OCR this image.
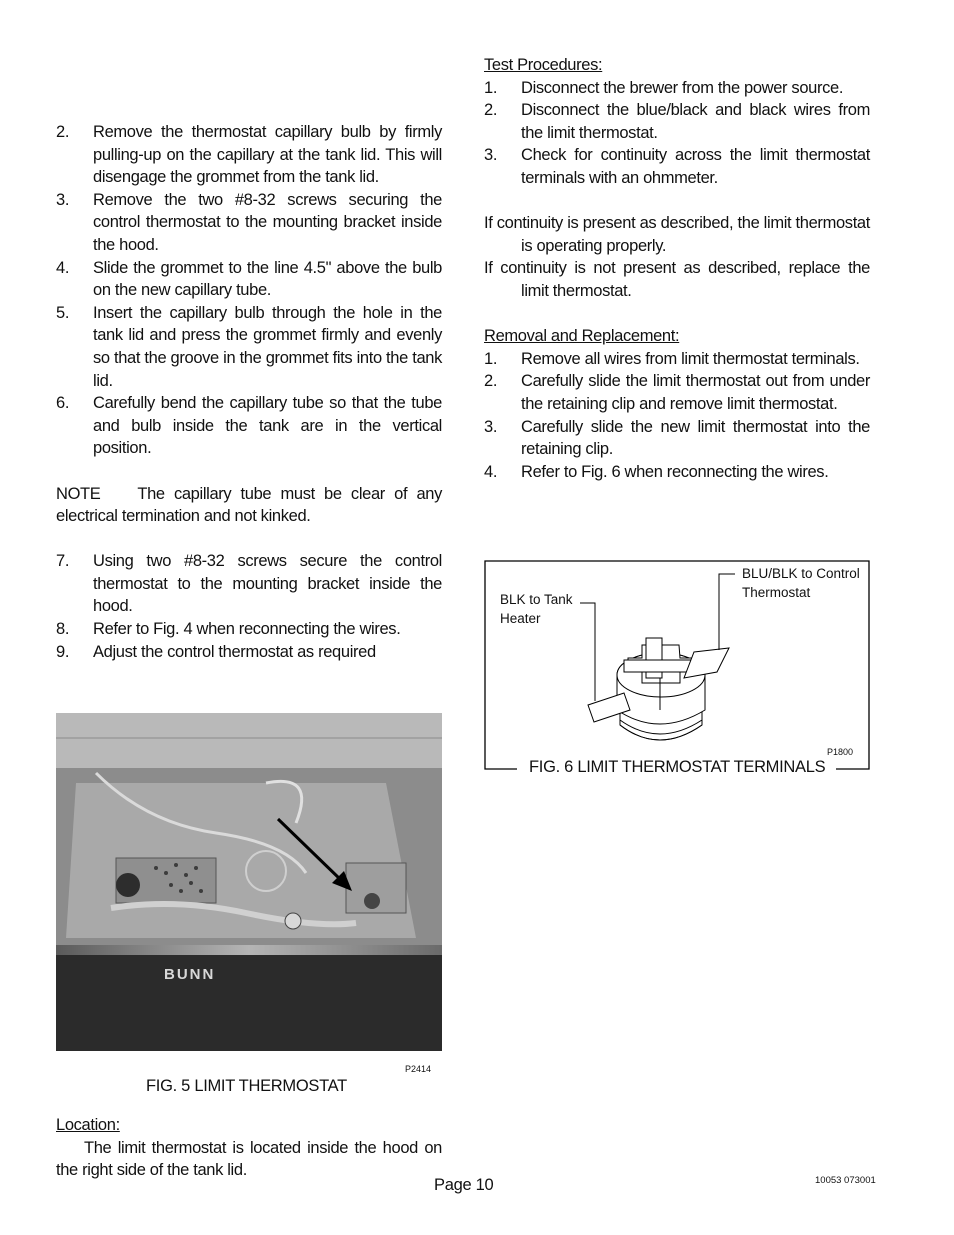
2. Remove the thermostat capillary bulb by firmly pulling-up on the capillary at the tank lid. This will disengage the grommet from the tank lid.
3. Remove the two #8-32 screws securing the control thermostat to the mounting bracket inside the hood.
4. Slide the grommet to the line 4.5" above the bulb on the new capillary tube.
5. Insert the capillary bulb through the hole in the tank lid and press the grommet firmly and evenly so that the groove in the grommet fits into the tank lid.
6. Carefully bend the capillary tube so that the tube and bulb inside the tank are in the vertical position.
NOTE The capillary tube must be clear of any electrical termination and not kinked.
7. Using two #8-32 screws secure the control thermostat to the mounting bracket inside the hood.
8. Refer to Fig. 4 when reconnecting the wires.
9. Adjust the control thermostat as required
BUNN
P2414
FIG. 5 LIMIT THERMOSTAT
Location:
The limit thermostat is located inside the hood on the right side of the tank lid.
Test Procedures:
1. Disconnect the brewer from the power source.
2. Disconnect the blue/black and black wires from the limit thermostat.
3. Check for continuity across the limit thermostat terminals with an ohmmeter.
If continuity is present as described, the limit thermostat is operating properly.
If continuity is not present as described, replace the limit thermostat.
Removal and Replacement:
1. Remove all wires from limit thermostat terminals.
2. Carefully slide the limit thermostat out from under the retaining clip and remove limit thermostat.
3. Carefully slide the new limit thermostat into the retaining clip.
4. Refer to Fig. 6 when reconnecting the wires.
BLK to Tank
Heater
BLU/BLK to Control
Thermostat
P1800
FIG. 6 LIMIT THERMOSTAT TERMINALS
Page 10	10053 073001
